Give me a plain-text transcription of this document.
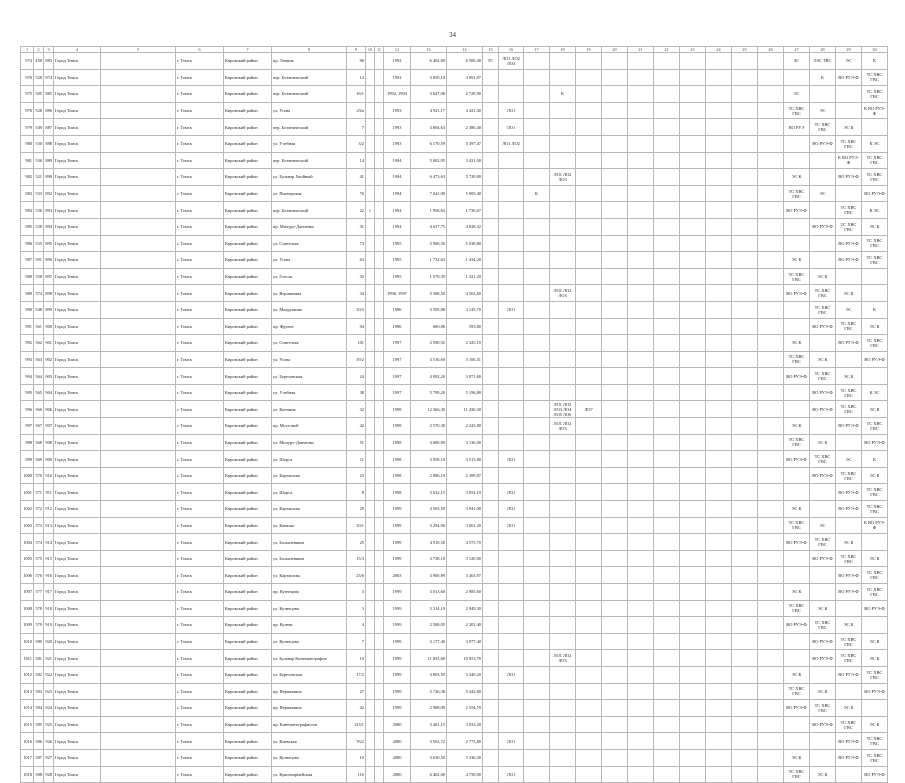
34
1	2	3	4	5	6	7	8	9	10	11	12	13	14	15	16	17	18	19	20	21	22	23	24	25	26	27	28	29	30
974	458	883	Город Томск		г. Томск	Кировский район	пр. Ленина	96			1992	6 462,00	6 500,40	ТС	ЛО1 ЛО2 ЛО3											ЗС	ЛЗС ТВС	ЭС	К
976	528	874	Город Томск		г. Томск	Кировский район	пер. Ботанический	14			1992	3 850,10	3 091,07														К	ВО РУЭ-Ф	ТС ХВС ГВС
975	505	885	Город Томск		г. Томск	Кировский район	пер. Ботанический	16/1			1992, 1994	3 647,08	2 729,90				К									ЭС			ТС ХВС ГВС
976	528	886	Город Томск		г. Томск	Кировский район	ул. Усова	23/а			1993	4 941,17	4 421,40		ЛО1											ТС ХВС ГВС	ЭС		К ВО РУЭ-Ф
979	549	887	Город Томск		г. Томск	Кировский район	пер. Ботанический	7			1993	3 804,63	2 380,40		ЛО1											ВО РУЭ	ТС ХВС ГВС	ЭС К	
980	530	888	Город Томск		г. Томск	Кировский район	ул. Учебная	3/2			1993	6 170,59	5 397,47		ЛО1 ЛО2												ВО РУЭ-Ф	ТС ХВС ГВС	К ЭС
981	536	889	Город Томск		г. Томск	Кировский район	пер. Ботанический	14			1994	5 002,95	3 431,00															К ВО РУЭ-Ф	ТС ХВС ГВС
982	521	890	Город Томск		г. Томск	Кировский район	ул. Бульвар Хвойный	41			1994	6 473,63	5 720,80				ЛО1 ЛО2 ЛО3									ЭС К		ВО РУЭ-Ф	ТС ХВС ГВС
983	533	892	Город Томск		г. Томск	Кировский район	ул. Пионерская	76			1994	7 041,09	5 905,40			К										ТС ХВС ГВС	ЭС		ВО РУЭ-Ф
984	536	893	Город Томск		г. Томск	Кировский район	пер. Ботанический	22	1		1994	1 956,63	1 730,67													ВО РУЭ-Ф		ТС ХВС ГВС	К ЭС
985	538	894	Город Томск		г. Томск	Кировский район	пр. Мичуро-Данченко	31			1994	4 637,75	4 028,32														ВО РУЭ-Ф	ТС ХВС ГВС	ЭС К
986	535	895	Город Томск		г. Томск	Кировский район	ул. Советская	73			1995	5 900,50	5 030,80															ВО РУЭ-Ф	ТС ХВС ГВС
987	591	896	Город Томск		г. Томск	Кировский район	ул. Усова	63			1995	1 732,63	1 434,20													ЭС К		ВО РУЭ-Ф	ТС ХВС ГВС
988	558	897	Город Томск		г. Томск	Кировский район	ул. Гоголя	43			1995	1 579,39	1 321,20													ТС ХВС ГВС	ЭС К		
989	574	898	Город Томск		г. Томск	Кировский район	ул. Вершинина	34			1996, 1997	5 308,50	4 563,60				ЛО1 ЛО2 ЛО3									ВО РУЭ-Ф	ТС ХВС ГВС	ЭС К	
990	548	899	Город Томск		г. Томск	Кировский район	ул. Мокрушина	10/3			1996	3 595,88	3 145,70		ЛО1												ТС ХВС ГВС	ЭС	К
991	561	900	Город Томск		г. Томск	Кировский район	пр. Фрунзе	94			1996	680,86	595,80														ВО РУЭ-Ф	ТС ХВС ГВС	ЭС К
992	562	901	Город Томск		г. Томск	Кировский район	ул. Советская	101			1997	2 590,92	2 325,10													ЭС К		ВО РУЭ-Ф	ТС ХВС ГВС
993	563	902	Город Томск		г. Томск	Кировский район	ул. Усова	19/2			1997	3 516,60	3 106,51													ТС ХВС ГВС	ЭС К		ВО РУЭ-Ф
994	564	903	Город Томск		г. Томск	Кировский район	ул. Березовская	24			1997	4 092,20	3 871,80													ВО РУЭ-Ф	ТС ХВС ГВС	ЭС К	
995	565	904	Город Томск		г. Томск	Кировский район	ул. Учебная	38			1997	5 799,20	5 196,80														ВО РУЭ-Ф	ТС ХВС ГВС	К ЭС
996	566	906	Город Томск		г. Томск	Кировский район	ул. Кончина	32			1998	12 366,30	11 436,30				ЛО1 ЛО2 ЛО3 ЛО4 ЛО5 ЛО6	ЛО7									ВО РУЭ-Ф	ТС ХВС ГВС	ЭС К
997	567	907	Город Томск		г. Томск	Кировский район	пр. Мостовой	42			1998	2 570,38	2 225,80				ЛО1 ЛО2 ЛО3									ЭС К		ВО РУЭ-Ф	ТС ХВС ГВС
998	568	908	Город Томск		г. Томск	Кировский район	ул. Мичуро-Данченко	51			1998	3 600,00	3 136,00													ТС ХВС ГВС	ЭС К		ВО РУЭ-Ф
999	569	909	Город Томск		г. Томск	Кировский район	ул. Шорса	11			1998	3 958,10	3 515,80		ЛО1											ВО РУЭ-Ф	ТС ХВС ГВС	ЭС	К
1000	570	910	Город Томск		г. Томск	Кировский район	ул. Карташова	23			1998	2 886,19	2 399,87														ВО РУЭ-Ф	ТС ХВС ГВС	ЭС К
1001	571	911	Город Томск		г. Томск	Кировский район	ул. Шорса	8			1998	3 632,15	3 052,10		ЛО1													ВО РУЭ-Ф	ТС ХВС ГВС
1002	572	912	Город Томск		г. Томск	Кировский район	ул. Карташова	29			1999	4 563,50	3 941,00		ЛО1											ЭС К		ВО РУЭ-Ф	ТС ХВС ГВС
1003	573	913	Город Томск		г. Томск	Кировский район	ул. Кавалко	10/1			1999	3 294,90	3 001,20		ЛО1											ТС ХВС ГВС	ЭС		К ВО РУЭ-Ф
1004	574	914	Город Томск		г. Томск	Кировский район	ул. Большевиков	25			1999	4 910,50	4 575,70													ВО РУЭ-Ф	ТС ХВС ГВС	ЭС К	
1005	575	915	Город Томск		г. Томск	Кировский район	ул. Большевиков	15/3			1999	3 738,10	3 120,00														ВО РУЭ-Ф	ТС ХВС ГВС	ЭС К
1006	576	916	Город Томск		г. Томск	Кировский район	ул. Карташова	23/6			2003	3 900,89	3 463,97															ВО РУЭ-Ф	ТС ХВС ГВС
1007	577	917	Город Томск		г. Томск	Кировский район	пр. Кузнецова	3			1999	3 013,60	2 985,60													ЭС К		ВО РУЭ-Ф	ТС ХВС ГВС
1008	578	918	Город Томск		г. Томск	Кировский район	ул. Кузнецова	3			1999	3 314,19	2 949,30													ТС ХВС ГВС	ЭС К		ВО РУЭ-Ф
1009	579	919	Город Томск		г. Томск	Кировский район	пр. Кулева	4			1999	2 500,05	2 201,40													ВО РУЭ-Ф	ТС ХВС ГВС	ЭС К	
1010	580	920	Город Томск		г. Томск	Кировский район	ул. Кузнецова	7			1999	3 177,40	3 977,40														ВО РУЭ-Ф	ТС ХВС ГВС	ЭС К
1011	581	921	Город Томск		г. Томск	Кировский район	ул. Бульвар Кинематографов	10			1999	11 835,60	10 853,70				ЛО1 ЛО2 ЛО3										ВО РУЭ-Ф	ТС ХВС ГВС	ЭС К
1012	582	922	Город Томск		г. Томск	Кировский район	ул. Березовская	17/2			1999	3 803,59	3 349,20		ЛО1											ЭС К		ВО РУЭ-Ф	ТС ХВС ГВС
1013	583	923	Город Томск		г. Томск	Кировский район	пр. Вершинина	27			1999	5 726,38	5 442,80													ТС ХВС ГВС	ЭС К		ВО РУЭ-Ф
1014	584	924	Город Томск		г. Томск	Кировский район	пр. Вершинина	42			1999	2 989,09	2 554,70													ВО РУЭ-Ф	ТС ХВС ГВС	ЭС К	
1015	585	925	Город Томск		г. Томск	Кировский район	пр. Кинематографистов	123/1			2000	3 461,15	3 033,20														ВО РУЭ-Ф	ТС ХВС ГВС	ЭС К
1016	586	926	Город Томск		г. Томск	Кировский район	ул. Киевская	76/2			2000	3 563,72	2 773,80		ЛО1													ВО РУЭ-Ф	ТС ХВС ГВС
1017	587	927	Город Томск		г. Томск	Кировский район	ул. Кузнецова	10			2000	3 630,50	3 336,30													ЭС К		ВО РУЭ-Ф	ТС ХВС ГВС
1018	588	928	Город Томск		г. Томск	Кировский район	ул. Красноармейская	116			2000	6 402,00	4 758,00		ЛО1											ТС ХВС ГВС	ЭС К		ВО РУЭ-Ф
